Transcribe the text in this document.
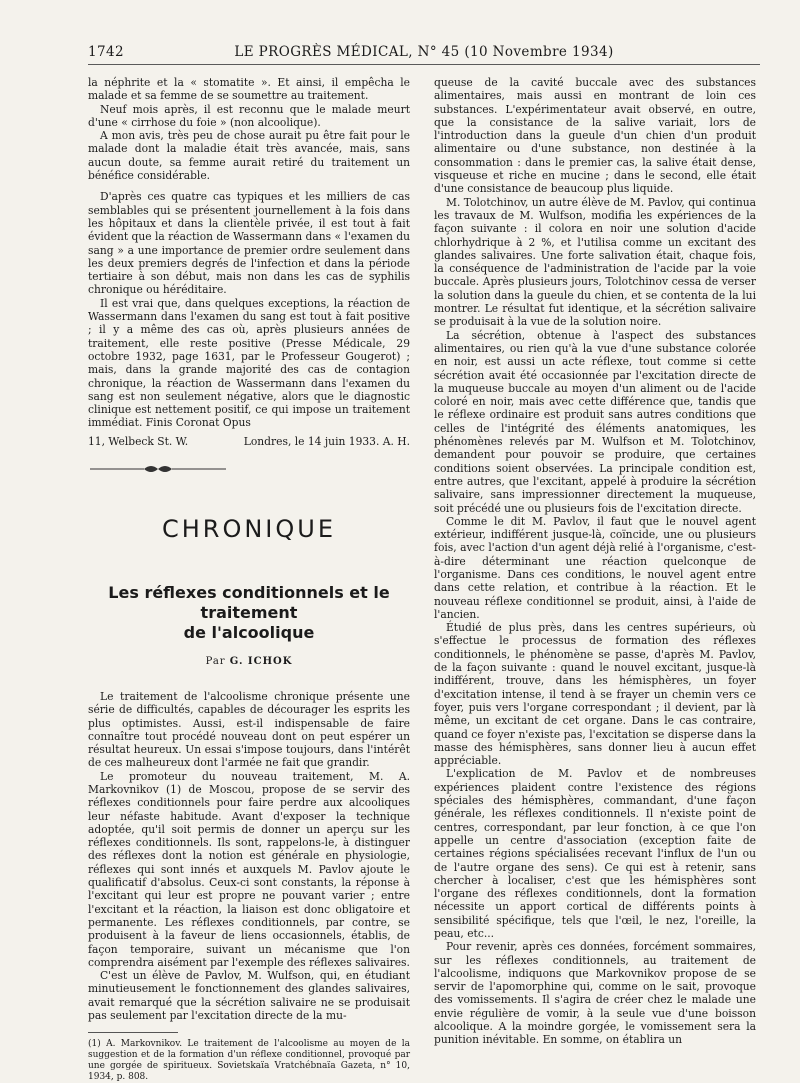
1742	LE PROGRÈS MÉDICAL, N° 45 (10 Novembre 1934)

la néphrite et la « stomatite ». Et ainsi, il empêcha le malade et sa femme de se soumettre au traitement.

Neuf mois après, il est reconnu que le malade meurt d'une « cirrhose du foie » (non alcoolique).

A mon avis, très peu de chose aurait pu être fait pour le malade dont la maladie était très avancée, mais, sans aucun doute, sa femme aurait retiré du traitement un bénéfice considérable.

D'après ces quatre cas typiques et les milliers de cas semblables qui se présentent journellement à la fois dans les hôpitaux et dans la clientèle privée, il est tout à fait évident que la réaction de Wassermann dans « l'examen du sang » a une importance de premier ordre seulement dans les deux premiers degrés de l'infection et dans la période tertiaire à son début, mais non dans les cas de syphilis chronique ou héréditaire.

Il est vrai que, dans quelques exceptions, la réaction de Wassermann dans l'examen du sang est tout à fait positive ; il y a même des cas où, après plusieurs années de traitement, elle reste positive (Presse Médicale, 29 octobre 1932, page 1631, par le Professeur Gougerot) ; mais, dans la grande majorité des cas de contagion chronique, la réaction de Wassermann dans l'examen du sang est non seulement négative, alors que le diagnostic clinique est nettement positif, ce qui impose un traitement immédiat. Finis Coronat Opus

11, Welbeck St. W.	Londres, le 14 juin 1933. A. H.
CHRONIQUE
Les réflexes conditionnels et le traitement
de l'alcoolique
Par G. ICHOK

Le traitement de l'alcoolisme chronique présente une série de difficultés, capables de décourager les esprits les plus optimistes. Aussi, est-il indispensable de faire connaître tout procédé nouveau dont on peut espérer un résultat heureux. Un essai s'impose toujours, dans l'intérêt de ces malheureux dont l'armée ne fait que grandir.

Le promoteur du nouveau traitement, M. A. Markovnikov (1) de Moscou, propose de se servir des réflexes conditionnels pour faire perdre aux alcooliques leur néfaste habitude. Avant d'exposer la technique adoptée, qu'il soit permis de donner un aperçu sur les réflexes conditionnels. Ils sont, rappelons-le, à distinguer des réflexes dont la notion est générale en physiologie, réflexes qui sont innés et auxquels M. Pavlov ajoute le qualificatif d'absolus. Ceux-ci sont constants, la réponse à l'excitant qui leur est propre ne pouvant varier ; entre l'excitant et la réaction, la liaison est donc obligatoire et permanente. Les réflexes conditionnels, par contre, se produisent à la faveur de liens occasionnels, établis, de façon temporaire, suivant un mécanisme que l'on comprendra aisément par l'exemple des réflexes salivaires.

C'est un élève de Pavlov, M. Wulfson, qui, en étudiant minutieusement le fonctionnement des glandes salivaires, avait remarqué que la sécrétion salivaire ne se produisait pas seulement par l'excitation directe de la mu-

(1) A. Markovnikov. Le traitement de l'alcoolisme au moyen de la suggestion et de la formation d'un réflexe conditionnel, provoqué par une gorgée de spiritueux. Sovietskaïa Vratchébnaïa Gazeta, n° 10, 1934, p. 808.

queuse de la cavité buccale avec des substances alimentaires, mais aussi en montrant de loin ces substances. L'expérimentateur avait observé, en outre, que la consistance de la salive variait, lors de l'introduction dans la gueule d'un chien d'un produit alimentaire ou d'une substance, non destinée à la consommation : dans le premier cas, la salive était dense, visqueuse et riche en mucine ; dans le second, elle était d'une consistance de beaucoup plus liquide.

M. Tolotchinov, un autre élève de M. Pavlov, qui continua les travaux de M. Wulfson, modifia les expériences de la façon suivante : il colora en noir une solution d'acide chlorhydrique à 2 %, et l'utilisa comme un excitant des glandes salivaires. Une forte salivation était, chaque fois, la conséquence de l'administration de l'acide par la voie buccale. Après plusieurs jours, Tolotchinov cessa de verser la solution dans la gueule du chien, et se contenta de la lui montrer. Le résultat fut identique, et la sécrétion salivaire se produisait à la vue de la solution noire.

La sécrétion, obtenue à l'aspect des substances alimentaires, ou rien qu'à la vue d'une substance colorée en noir, est aussi un acte réflexe, tout comme si cette sécrétion avait été occasionnée par l'excitation directe de la muqueuse buccale au moyen d'un aliment ou de l'acide coloré en noir, mais avec cette différence que, tandis que le réflexe ordinaire est produit sans autres conditions que celles de l'intégrité des éléments anatomiques, les phénomènes relevés par M. Wulfson et M. Tolotchinov, demandent pour pouvoir se produire, que certaines conditions soient observées. La principale condition est, entre autres, que l'excitant, appelé à produire la sécrétion salivaire, sans impressionner directement la muqueuse, soit précédé une ou plusieurs fois de l'excitation directe.

Comme le dit M. Pavlov, il faut que le nouvel agent extérieur, indifférent jusque-là, coïncide, une ou plusieurs fois, avec l'action d'un agent déjà relié à l'organisme, c'est-à-dire déterminant une réaction quelconque de l'organisme. Dans ces conditions, le nouvel agent entre dans cette relation, et contribue à la réaction. Et le nouveau réflexe conditionnel se produit, ainsi, à l'aide de l'ancien.

Étudié de plus près, dans les centres supérieurs, où s'effectue le processus de formation des réflexes conditionnels, le phénomène se passe, d'après M. Pavlov, de la façon suivante : quand le nouvel excitant, jusque-là indifférent, trouve, dans les hémisphères, un foyer d'excitation intense, il tend à se frayer un chemin vers ce foyer, puis vers l'organe correspondant ; il devient, par là même, un excitant de cet organe. Dans le cas contraire, quand ce foyer n'existe pas, l'excitation se disperse dans la masse des hémisphères, sans donner lieu à aucun effet appréciable.

L'explication de M. Pavlov et de nombreuses expériences plaident contre l'existence des régions spéciales des hémisphères, commandant, d'une façon générale, les réflexes conditionnels. Il n'existe point de centres, correspondant, par leur fonction, à ce que l'on appelle un centre d'association (exception faite de certaines régions spécialisées recevant l'influx de l'un ou de l'autre organe des sens). Ce qui est à retenir, sans chercher à localiser, c'est que les hémisphères sont l'organe des réflexes conditionnels, dont la formation nécessite un apport cortical de différents points à sensibilité spécifique, tels que l'œil, le nez, l'oreille, la peau, etc...

Pour revenir, après ces données, forcément sommaires, sur les réflexes conditionnels, au traitement de l'alcoolisme, indiquons que Markovnikov propose de se servir de l'apomorphine qui, comme on le sait, provoque des vomissements. Il s'agira de créer chez le malade une envie régulière de vomir, à la seule vue d'une boisson alcoolique. A la moindre gorgée, le vomissement sera la punition inévitable. En somme, on établira un
